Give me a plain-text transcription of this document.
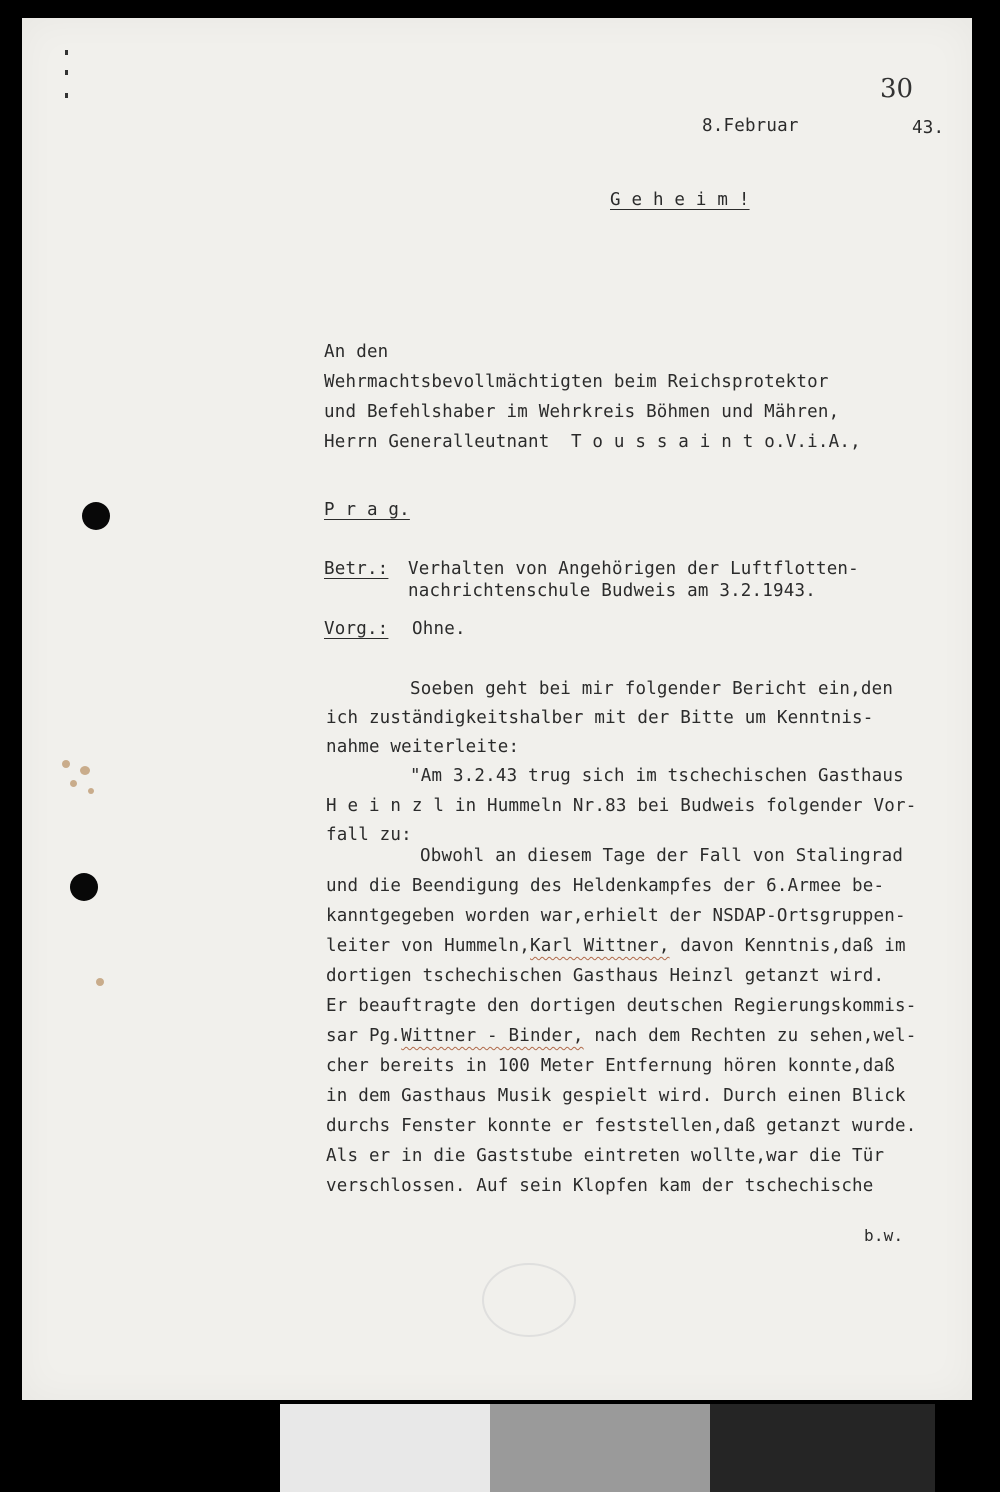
30
8.Februar	43.
G e h e i m !
An den
Wehrmachtsbevollmächtigten beim Reichsprotektor
und Befehlshaber im Wehrkreis Böhmen und Mähren,
Herrn Generalleutnant T o u s s a i n t o.V.i.A.,
P r a g.
Betr.: Verhalten von Angehörigen der Luftflotten-
nachrichtenschule Budweis am 3.2.1943.
Vorg.: Ohne.
Soeben geht bei mir folgender Bericht ein,den
ich zuständigkeitshalber mit der Bitte um Kenntnis-
nahme weiterleite:
"Am 3.2.43 trug sich im tschechischen Gasthaus
H e i n z l in Hummeln Nr.83 bei Budweis folgender Vor-
fall zu:
Obwohl an diesem Tage der Fall von Stalingrad
und die Beendigung des Heldenkampfes der 6.Armee be-
kanntgegeben worden war,erhielt der NSDAP-Ortsgruppen-
leiter von Hummeln,Karl Wittner, davon Kenntnis,daß im
dortigen tschechischen Gasthaus Heinzl getanzt wird.
Er beauftragte den dortigen deutschen Regierungskommis-
sar Pg.Wittner - Binder, nach dem Rechten zu sehen,wel-
cher bereits in 100 Meter Entfernung hören konnte,daß
in dem Gasthaus Musik gespielt wird. Durch einen Blick
durchs Fenster konnte er feststellen,daß getanzt wurde.
Als er in die Gaststube eintreten wollte,war die Tür
verschlossen. Auf sein Klopfen kam der tschechische
b.w.
